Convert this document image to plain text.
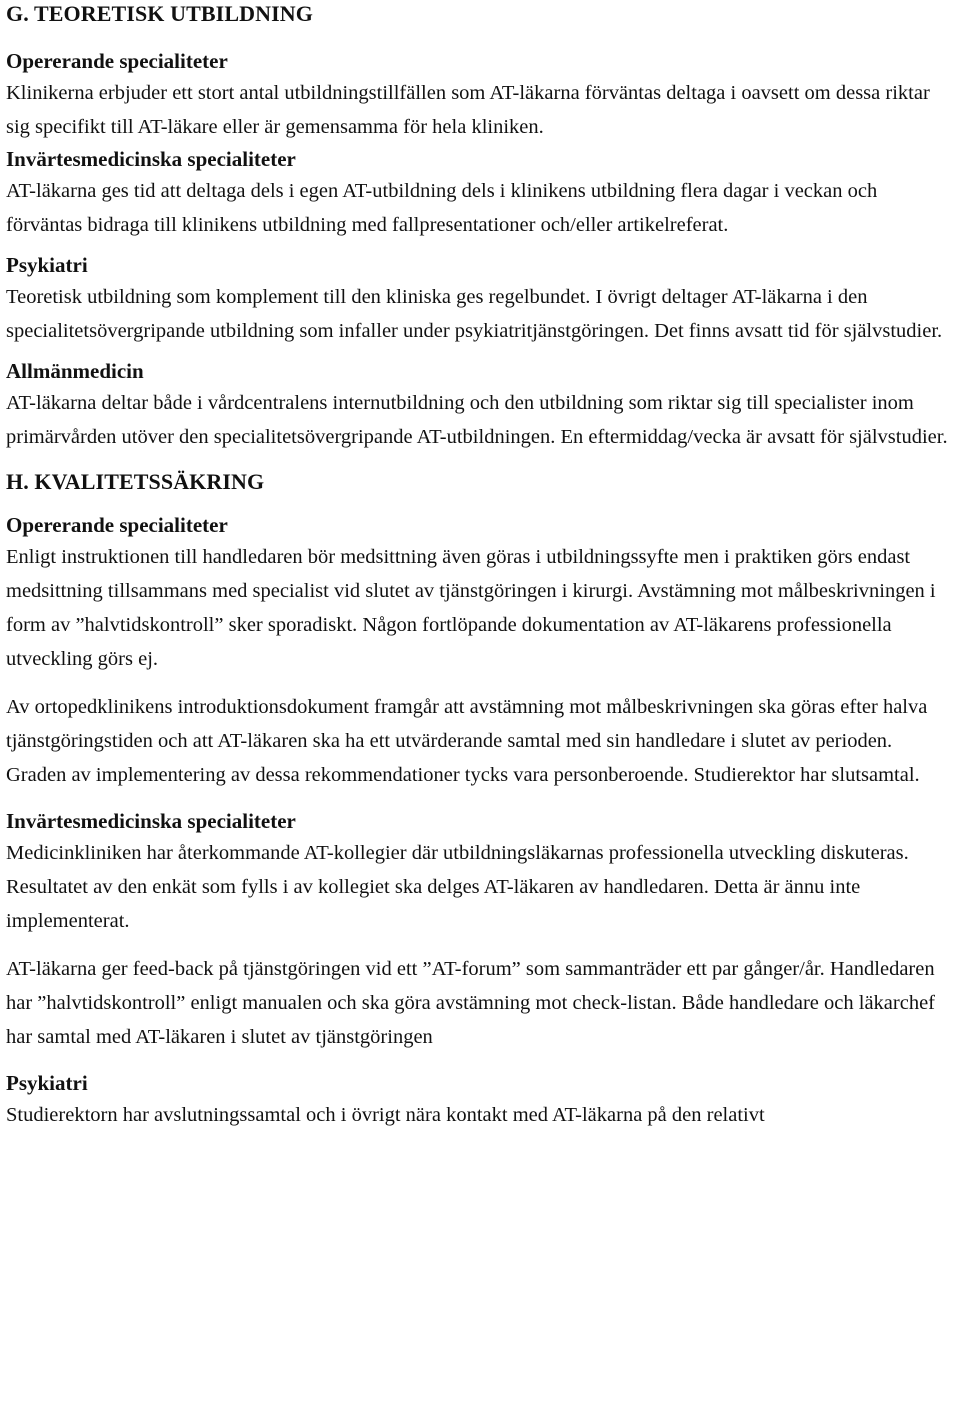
G. TEORETISK UTBILDNING
Opererande specialiteter

Klinikerna erbjuder ett stort antal utbildningstillfällen som AT-läkarna förväntas deltaga i oavsett om dessa riktar sig specifikt till AT-läkare eller är gemensamma för hela kliniken.

Invärtesmedicinska specialiteter

AT-läkarna ges tid att deltaga dels i egen AT-utbildning dels i klinikens utbildning flera dagar i veckan och förväntas bidraga till klinikens utbildning med fallpresentationer och/eller artikelreferat.

Psykiatri

Teoretisk utbildning som komplement till den kliniska ges regelbundet. I övrigt deltager AT-läkarna i den specialitetsövergripande utbildning som infaller under psykiatritjänstgöringen. Det finns avsatt tid för självstudier.

Allmänmedicin

AT-läkarna deltar både i vårdcentralens internutbildning och den utbildning som riktar sig till specialister inom primärvården utöver den specialitetsövergripande AT-utbildningen. En eftermiddag/vecka är avsatt för självstudier.

H. KVALITETSSÄKRING
Opererande specialiteter

Enligt instruktionen till handledaren bör medsittning även göras i utbildningssyfte men i praktiken görs endast medsittning tillsammans med specialist vid slutet av tjänstgöringen i kirurgi. Avstämning mot målbeskrivningen i form av ”halvtidskontroll” sker sporadiskt. Någon fortlöpande dokumentation av AT-läkarens professionella utveckling görs ej.

Av ortopedklinikens introduktionsdokument framgår att avstämning mot målbeskrivningen ska göras efter halva tjänstgöringstiden och att AT-läkaren ska ha ett utvärderande samtal med sin handledare i slutet av perioden. Graden av implementering av dessa rekommendationer tycks vara personberoende. Studierektor har slutsamtal.

Invärtesmedicinska specialiteter

Medicinkliniken har återkommande AT-kollegier där utbildningsläkarnas professionella utveckling diskuteras. Resultatet av den enkät som fylls i av kollegiet ska delges AT-läkaren av handledaren. Detta är ännu inte implementerat.

AT-läkarna ger feed-back på tjänstgöringen vid ett ”AT-forum” som sammanträder ett par gånger/år. Handledaren har ”halvtidskontroll” enligt manualen och ska göra avstämning mot check-listan. Både handledare och läkarchef har samtal med AT-läkaren i slutet av tjänstgöringen

Psykiatri

Studierektorn har avslutningssamtal och i övrigt nära kontakt med AT-läkarna på den relativt
